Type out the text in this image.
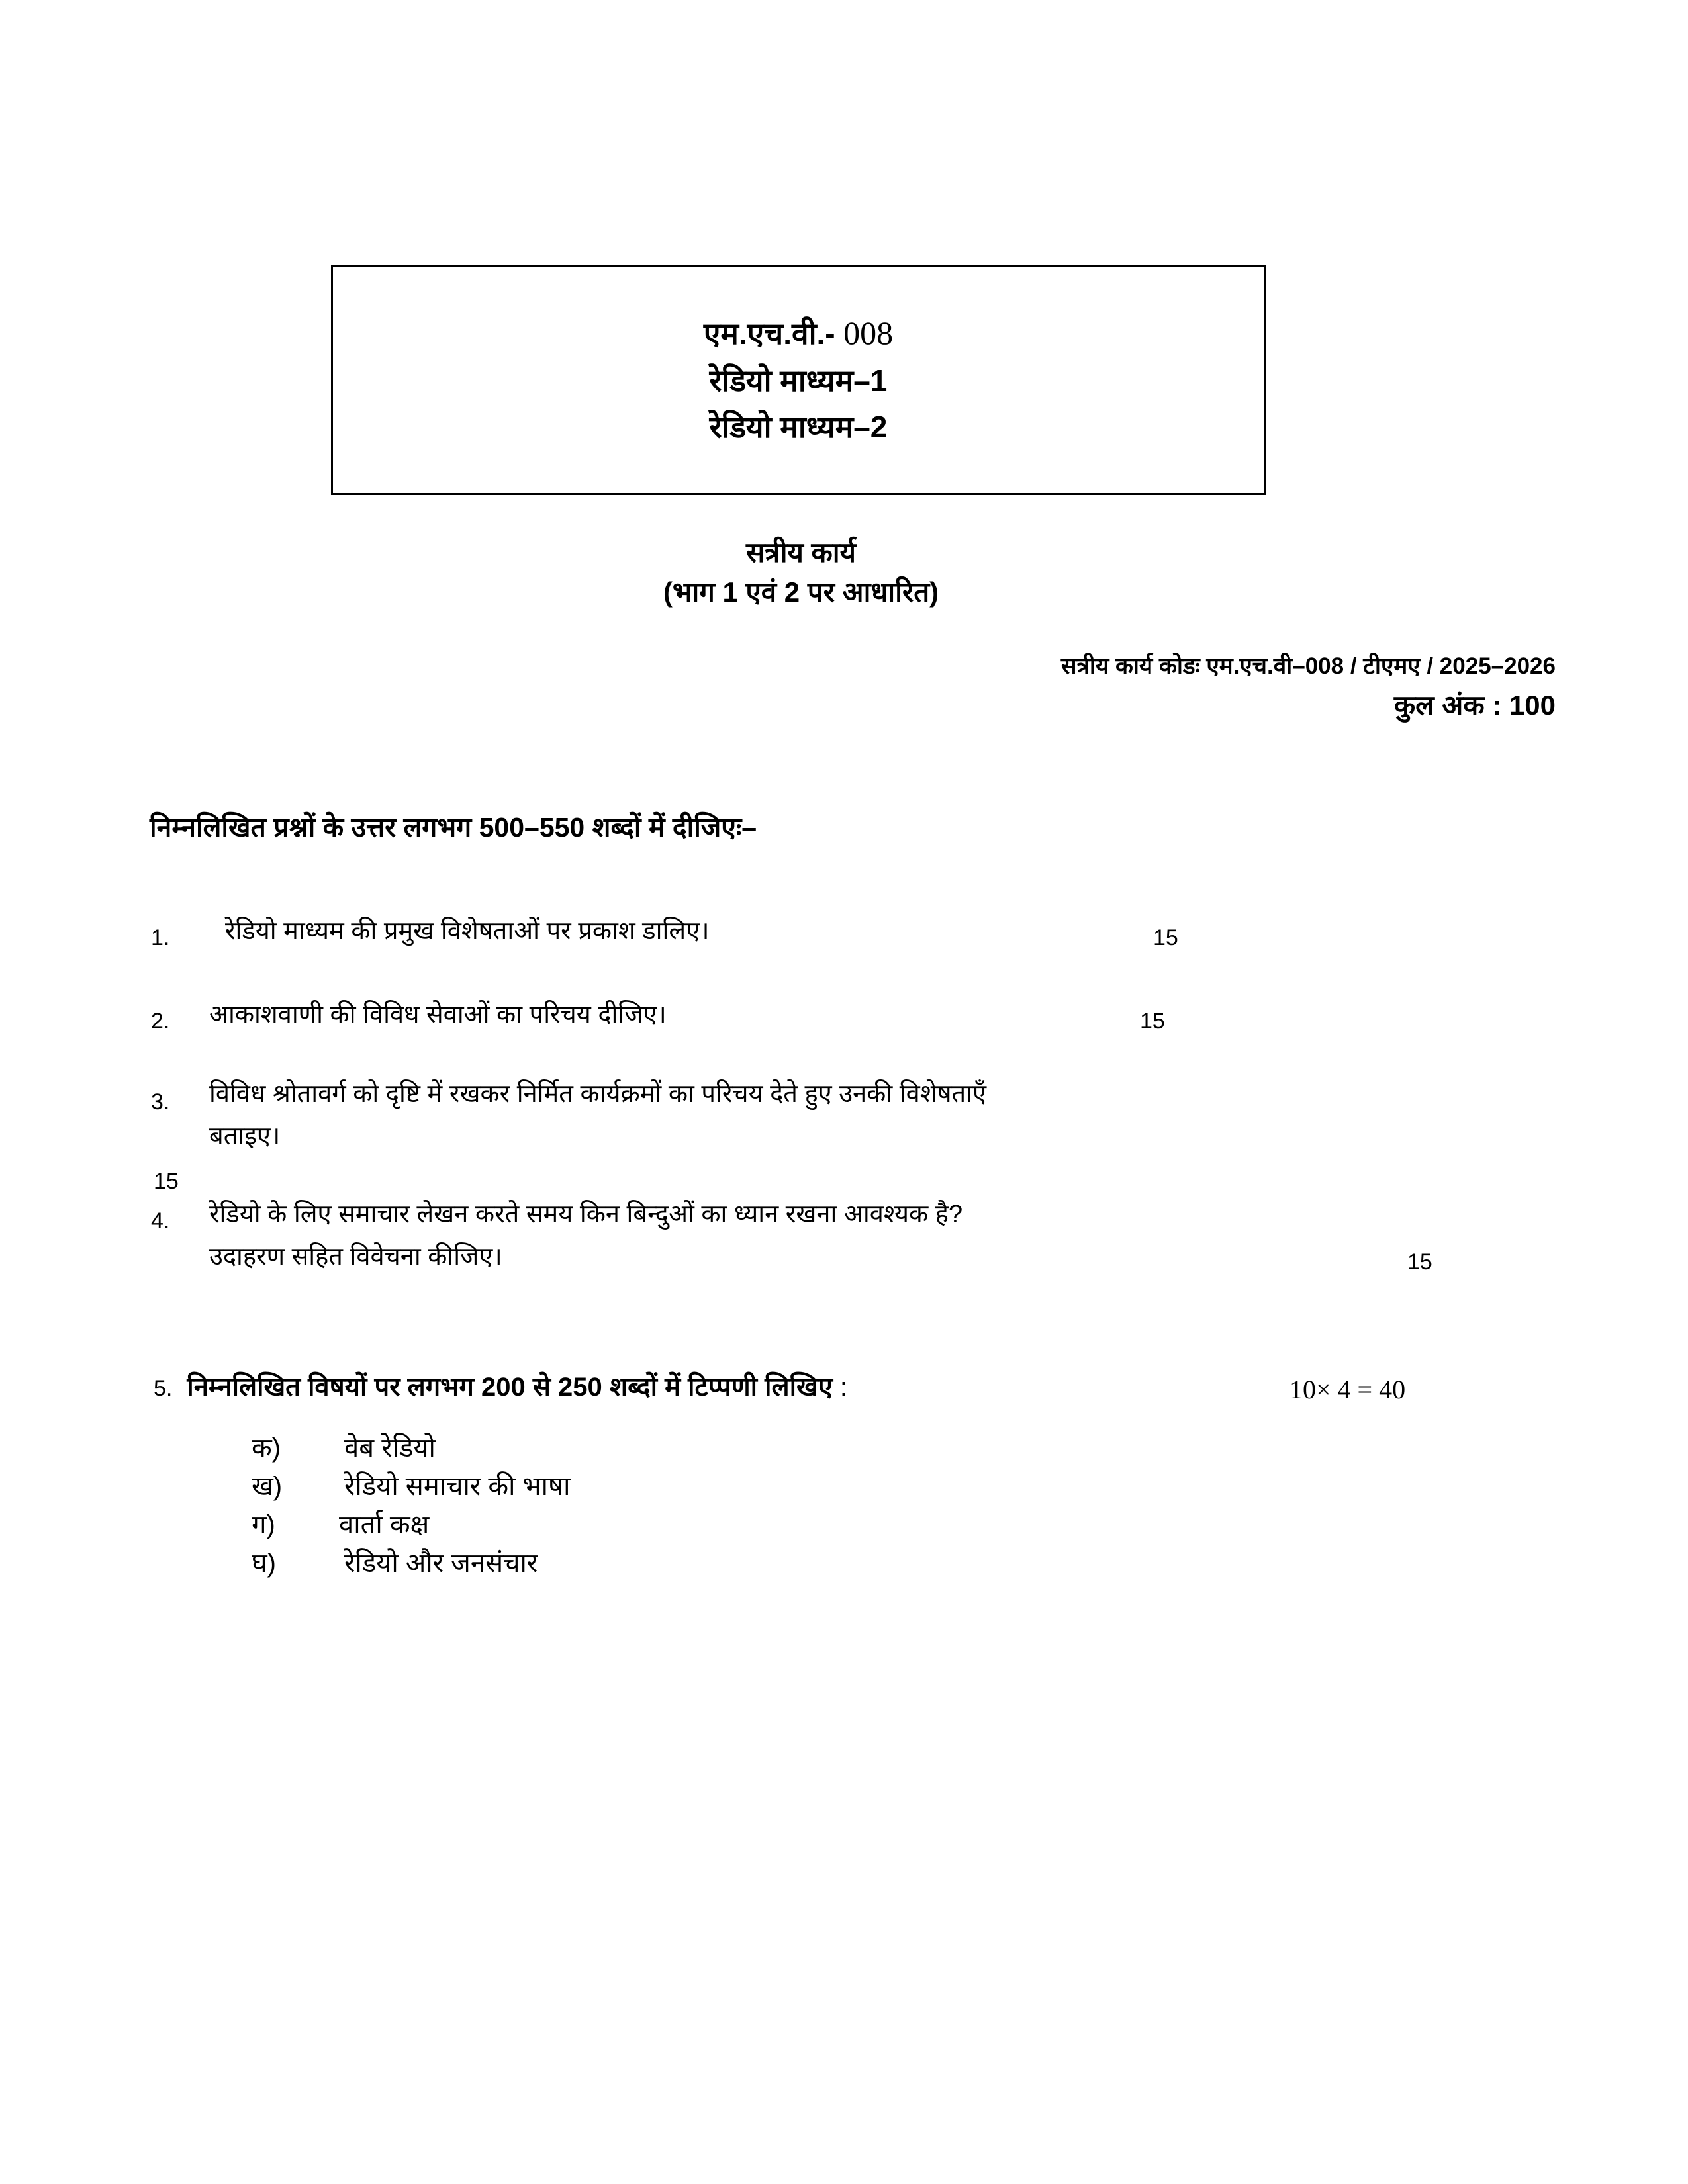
एम.एच.वी.- 008
रेडियो माध्यम–1
रेडियो माध्यम–2
सत्रीय कार्य
(भाग 1 एवं 2 पर आधारित)
सत्रीय कार्य कोडः एम.एच.वी–008 / टीएमए / 2025–2026
कुल अंक : 100
निम्नलिखित प्रश्नों के उत्तर लगभग 500–550 शब्दों में दीजिएः–
1. रेडियो माध्यम की प्रमुख विशेषताओं पर प्रकाश डालिए।	15
2. आकाशवाणी की विविध सेवाओं का परिचय दीजिए।	15
3. विविध श्रोतावर्ग को दृष्टि में रखकर निर्मित कार्यक्रमों का परिचय देते हुए उनकी विशेषताएँ
बताइए।
15
4. रेडियो के लिए समाचार लेखन करते समय किन बिन्दुओं का ध्यान रखना आवश्यक है?
उदाहरण सहित विवेचना कीजिए।	15
5. निम्नलिखित विषयों पर लगभग 200 से 250 शब्दों में टिप्पणी लिखिए :	10× 4 = 40
क) वेब रेडियो
ख) रेडियो समाचार की भाषा
ग) वार्ता कक्ष
घ)	रेडियो और जनसंचार
